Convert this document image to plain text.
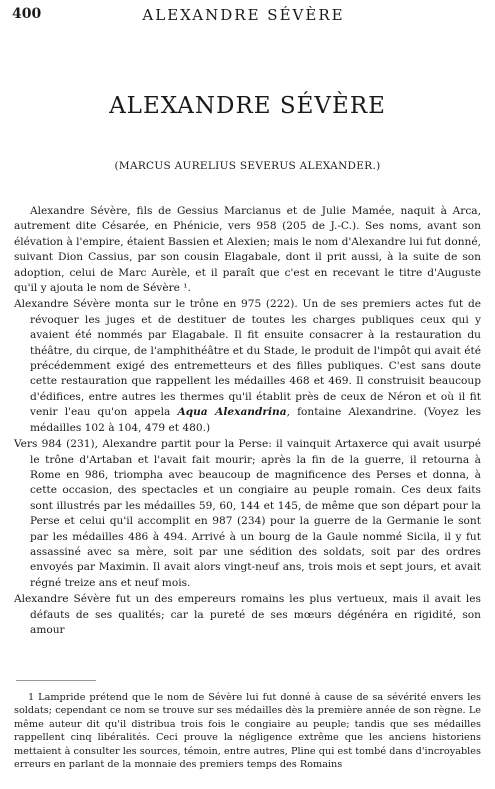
400	ALEXANDRE SÉVÈRE
ALEXANDRE SÉVÈRE
(MARCUS AURELIUS SEVERUS ALEXANDER.)

Alexandre Sévère, fils de Gessius Marcianus et de Julie Mamée, naquit à Arca, autrement dite Césarée, en Phénicie, vers 958 (205 de J.-C.). Ses noms, avant son élévation à l'empire, étaient Bassien et Alexien; mais le nom d'Alexandre lui fut donné, suivant Dion Cassius, par son cousin Elagabale, dont il prit aussi, à la suite de son adoption, celui de Marc Aurèle, et il paraît que c'est en recevant le titre d'Auguste qu'il y ajouta le nom de Sévère ¹.

Alexandre Sévère monta sur le trône en 975 (222). Un de ses premiers actes fut de révoquer les juges et de destituer de toutes les charges publiques ceux qui y avaient été nommés par Elagabale. Il fit ensuite consacrer à la restauration du théâtre, du cirque, de l'amphithéâtre et du Stade, le produit de l'impôt qui avait été précédemment exigé des entremetteurs et des filles publiques. C'est sans doute cette restauration que rappellent les médailles 468 et 469. Il construisit beaucoup d'édifices, entre autres les thermes qu'il établit près de ceux de Néron et où il fit venir l'eau qu'on appela Aqua Alexandrina, fontaine Alexandrine. (Voyez les médailles 102 à 104, 479 et 480.)

Vers 984 (231), Alexandre partit pour la Perse: il vainquit Artaxerce qui avait usurpé le trône d'Artaban et l'avait fait mourir; après la fin de la guerre, il retourna à Rome en 986, triompha avec beaucoup de magnificence des Perses et donna, à cette occasion, des spectacles et un congiaire au peuple romain. Ces deux faits sont illustrés par les médailles 59, 60, 144 et 145, de même que son départ pour la Perse et celui qu'il accomplit en 987 (234) pour la guerre de la Germanie le sont par les médailles 486 à 494. Arrivé à un bourg de la Gaule nommé Sicila, il y fut assassiné avec sa mère, soit par une sédition des soldats, soit par des ordres envoyés par Maximin. Il avait alors vingt-neuf ans, trois mois et sept jours, et avait régné treize ans et neuf mois.

Alexandre Sévère fut un des empereurs romains les plus vertueux, mais il avait les défauts de ses qualités; car la pureté de ses mœurs dégénéra en rigidité, son amour

1 Lampride prétend que le nom de Sévère lui fut donné à cause de sa sévérité envers les soldats; cependant ce nom se trouve sur ses médailles dès la première année de son règne. Le même auteur dit qu'il distribua trois fois le congiaire au peuple; tandis que ses médailles rappellent cinq libéralités. Ceci prouve la négligence extrême que les anciens historiens mettaient à consulter les sources, témoin, entre autres, Pline qui est tombé dans d'incroyables erreurs en parlant de la monnaie des premiers temps des Romains
